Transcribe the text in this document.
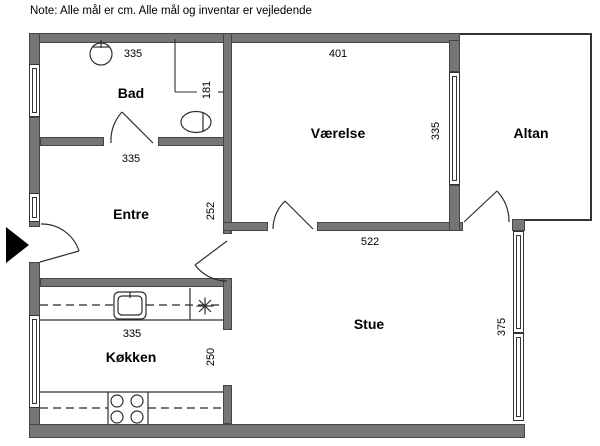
Note: Alle mål er cm. Alle mål og inventar er vejledende
Bad
Entre
Køkken
Værelse
Stue
Altan
335
181
335
252
335
250
401
335
522
375
